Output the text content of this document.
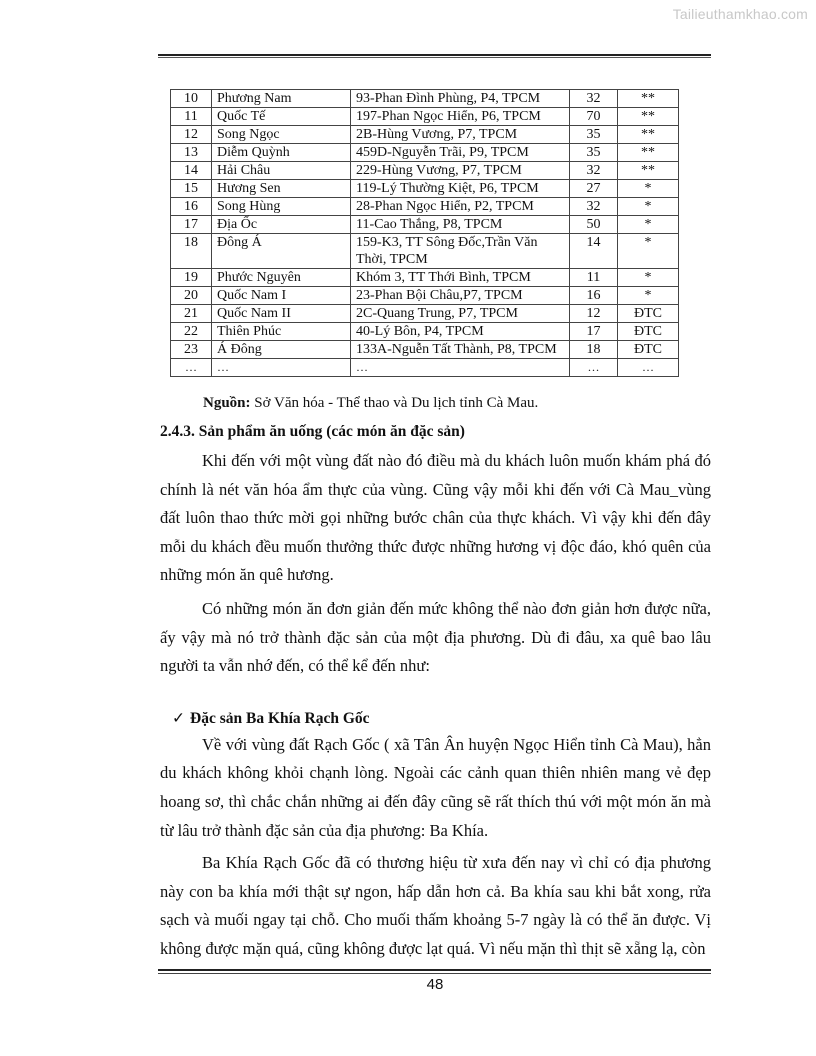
Tailieuthamkhao.com
10	Phương Nam	93-Phan Đình Phùng, P4, TPCM	32	**
11	Quốc Tế	197-Phan Ngọc Hiển, P6, TPCM	70	**
12	Song Ngọc	2B-Hùng Vương, P7, TPCM	35	**
13	Diễm Quỳnh	459D-Nguyễn Trãi, P9, TPCM	35	**
14	Hải Châu	229-Hùng Vương, P7, TPCM	32	**
15	Hương Sen	119-Lý Thường Kiệt, P6, TPCM	27	*
16	Song Hùng	28-Phan Ngọc Hiển, P2, TPCM	32	*
17	Địa Ốc	11-Cao Thắng, P8, TPCM	50	*
18	Đông Á	159-K3, TT Sông Đốc,Trần Văn Thời, TPCM	14	*
19	Phước Nguyên	Khóm 3, TT Thới Bình, TPCM	11	*
20	Quốc Nam I	23-Phan Bội Châu,P7, TPCM	16	*
21	Quốc Nam II	2C-Quang Trung, P7, TPCM	12	ĐTC
22	Thiên Phúc	40-Lý Bôn, P4, TPCM	17	ĐTC
23	Á Đông	133A-Nguễn Tất Thành, P8, TPCM	18	ĐTC
…	…	…	…	…
Nguồn: Sở Văn hóa - Thể thao và Du lịch tỉnh Cà Mau.

2.4.3. Sản phẩm ăn uống (các món ăn đặc sản)

Khi đến với một vùng đất nào đó điều mà du khách luôn muốn khám phá đó chính là nét văn hóa ẩm thực của vùng. Cũng vậy mỗi khi đến với Cà Mau_vùng đất luôn thao thức mời gọi những bước chân của thực khách. Vì vậy khi đến đây mỗi du khách đều muốn thưởng thức được những hương vị độc đáo, khó quên của những món ăn quê hương.

Có những món ăn đơn giản đến mức không thể nào đơn giản hơn được nữa, ấy vậy mà nó trở thành đặc sản của một địa phương. Dù đi đâu, xa quê bao lâu người ta vẫn nhớ đến, có thể kể đến như:

✓ Đặc sản Ba Khía Rạch Gốc

Về với vùng đất Rạch Gốc ( xã Tân Ân huyện Ngọc Hiển tỉnh Cà Mau), hẳn du khách không khỏi chạnh lòng. Ngoài các cảnh quan thiên nhiên mang vẻ đẹp hoang sơ, thì chắc chắn những ai đến đây cũng sẽ rất thích thú với một món ăn mà từ lâu trở thành đặc sản của địa phương: Ba Khía.

Ba Khía Rạch Gốc đã có thương hiệu từ xưa đến nay vì chỉ có địa phương này con ba khía mới thật sự ngon, hấp dẫn hơn cả. Ba khía sau khi bắt xong, rửa sạch và muối ngay tại chỗ. Cho muối thấm khoảng 5-7 ngày là có thể ăn được. Vị không được mặn quá, cũng không được lạt quá. Vì nếu mặn thì thịt sẽ xẵng lạ, còn

48
